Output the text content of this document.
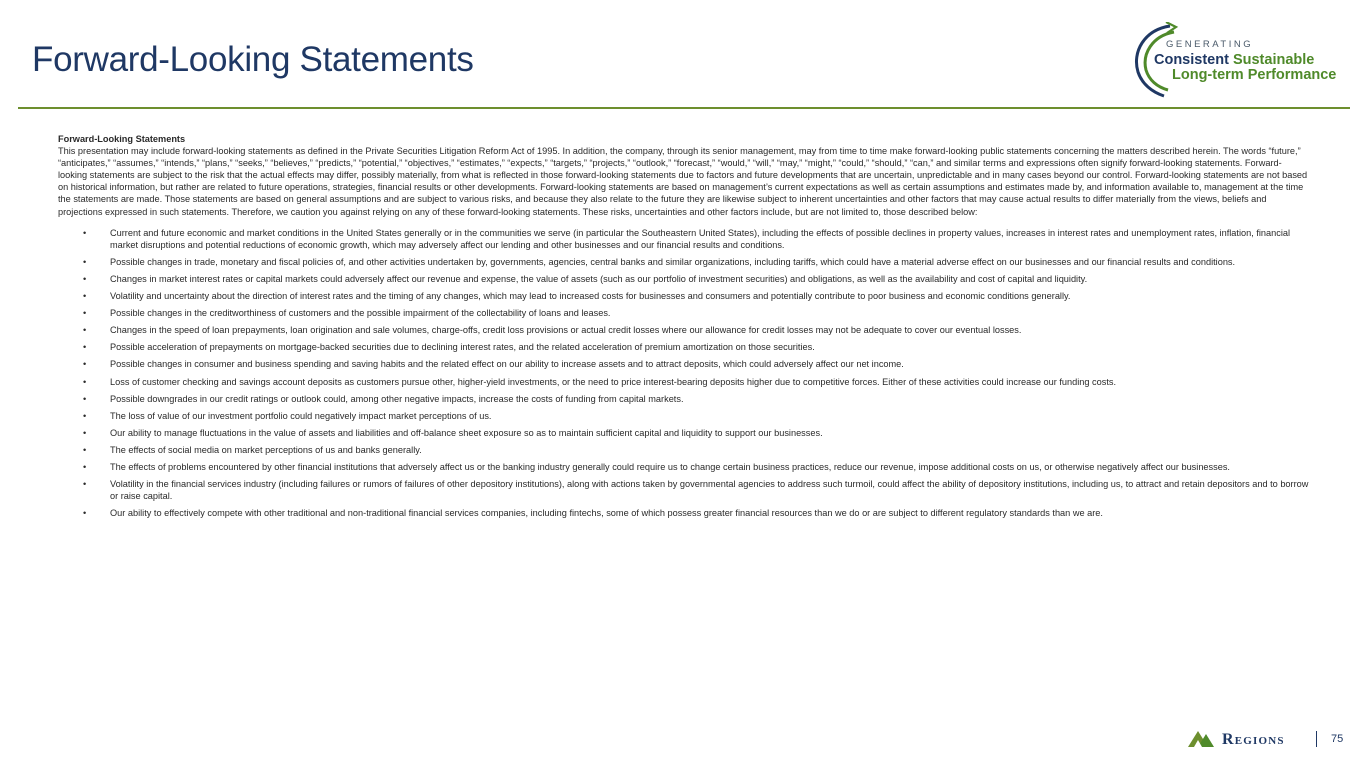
Forward-Looking Statements	GENERATING
Consistent Sustainable
Long-term Performance
Forward-Looking Statements

This presentation may include forward-looking statements as defined in the Private Securities Litigation Reform Act of 1995. In addition, the company, through its senior management, may from time to time make forward-looking public statements concerning the matters described herein. The words “future,” “anticipates,” “assumes,” “intends,” “plans,” “seeks,” “believes,” “predicts,” “potential,” “objectives,” “estimates,” “expects,” “targets,” “projects,” “outlook,” “forecast,” “would,” “will,” “may,” “might,” “could,” “should,” “can,” and similar terms and expressions often signify forward-looking statements. Forward-looking statements are subject to the risk that the actual effects may differ, possibly materially, from what is reflected in those forward-looking statements due to factors and future developments that are uncertain, unpredictable and in many cases beyond our control. Forward-looking statements are not based on historical information, but rather are related to future operations, strategies, financial results or other developments. Forward-looking statements are based on management’s current expectations as well as certain assumptions and estimates made by, and information available to, management at the time the statements are made. Those statements are based on general assumptions and are subject to various risks, and because they also relate to the future they are likewise subject to inherent uncertainties and other factors that may cause actual results to differ materially from the views, beliefs and projections expressed in such statements. Therefore, we caution you against relying on any of these forward-looking statements. These risks, uncertainties and other factors include, but are not limited to, those described below:

• Current and future economic and market conditions in the United States generally or in the communities we serve (in particular the Southeastern United States), including the effects of possible declines in property values, increases in interest rates and unemployment rates, inflation, financial market disruptions and potential reductions of economic growth, which may adversely affect our lending and other businesses and our financial results and conditions.
• Possible changes in trade, monetary and fiscal policies of, and other activities undertaken by, governments, agencies, central banks and similar organizations, including tariffs, which could have a material adverse effect on our businesses and our financial results and conditions.
• Changes in market interest rates or capital markets could adversely affect our revenue and expense, the value of assets (such as our portfolio of investment securities) and obligations, as well as the availability and cost of capital and liquidity.
• Volatility and uncertainty about the direction of interest rates and the timing of any changes, which may lead to increased costs for businesses and consumers and potentially contribute to poor business and economic conditions generally.
• Possible changes in the creditworthiness of customers and the possible impairment of the collectability of loans and leases.
• Changes in the speed of loan prepayments, loan origination and sale volumes, charge-offs, credit loss provisions or actual credit losses where our allowance for credit losses may not be adequate to cover our eventual losses.
• Possible acceleration of prepayments on mortgage-backed securities due to declining interest rates, and the related acceleration of premium amortization on those securities.
• Possible changes in consumer and business spending and saving habits and the related effect on our ability to increase assets and to attract deposits, which could adversely affect our net income.
• Loss of customer checking and savings account deposits as customers pursue other, higher-yield investments, or the need to price interest-bearing deposits higher due to competitive forces. Either of these activities could increase our funding costs.
• Possible downgrades in our credit ratings or outlook could, among other negative impacts, increase the costs of funding from capital markets.
• The loss of value of our investment portfolio could negatively impact market perceptions of us.
• Our ability to manage fluctuations in the value of assets and liabilities and off-balance sheet exposure so as to maintain sufficient capital and liquidity to support our businesses.
• The effects of social media on market perceptions of us and banks generally.
• The effects of problems encountered by other financial institutions that adversely affect us or the banking industry generally could require us to change certain business practices, reduce our revenue, impose additional costs on us, or otherwise negatively affect our businesses.
• Volatility in the financial services industry (including failures or rumors of failures of other depository institutions), along with actions taken by governmental agencies to address such turmoil, could affect the ability of depository institutions, including us, to attract and retain depositors and to borrow or raise capital.
• Our ability to effectively compete with other traditional and non-traditional financial services companies, including fintechs, some of which possess greater financial resources than we do or are subject to different regulatory standards than we are.
Regions	75
